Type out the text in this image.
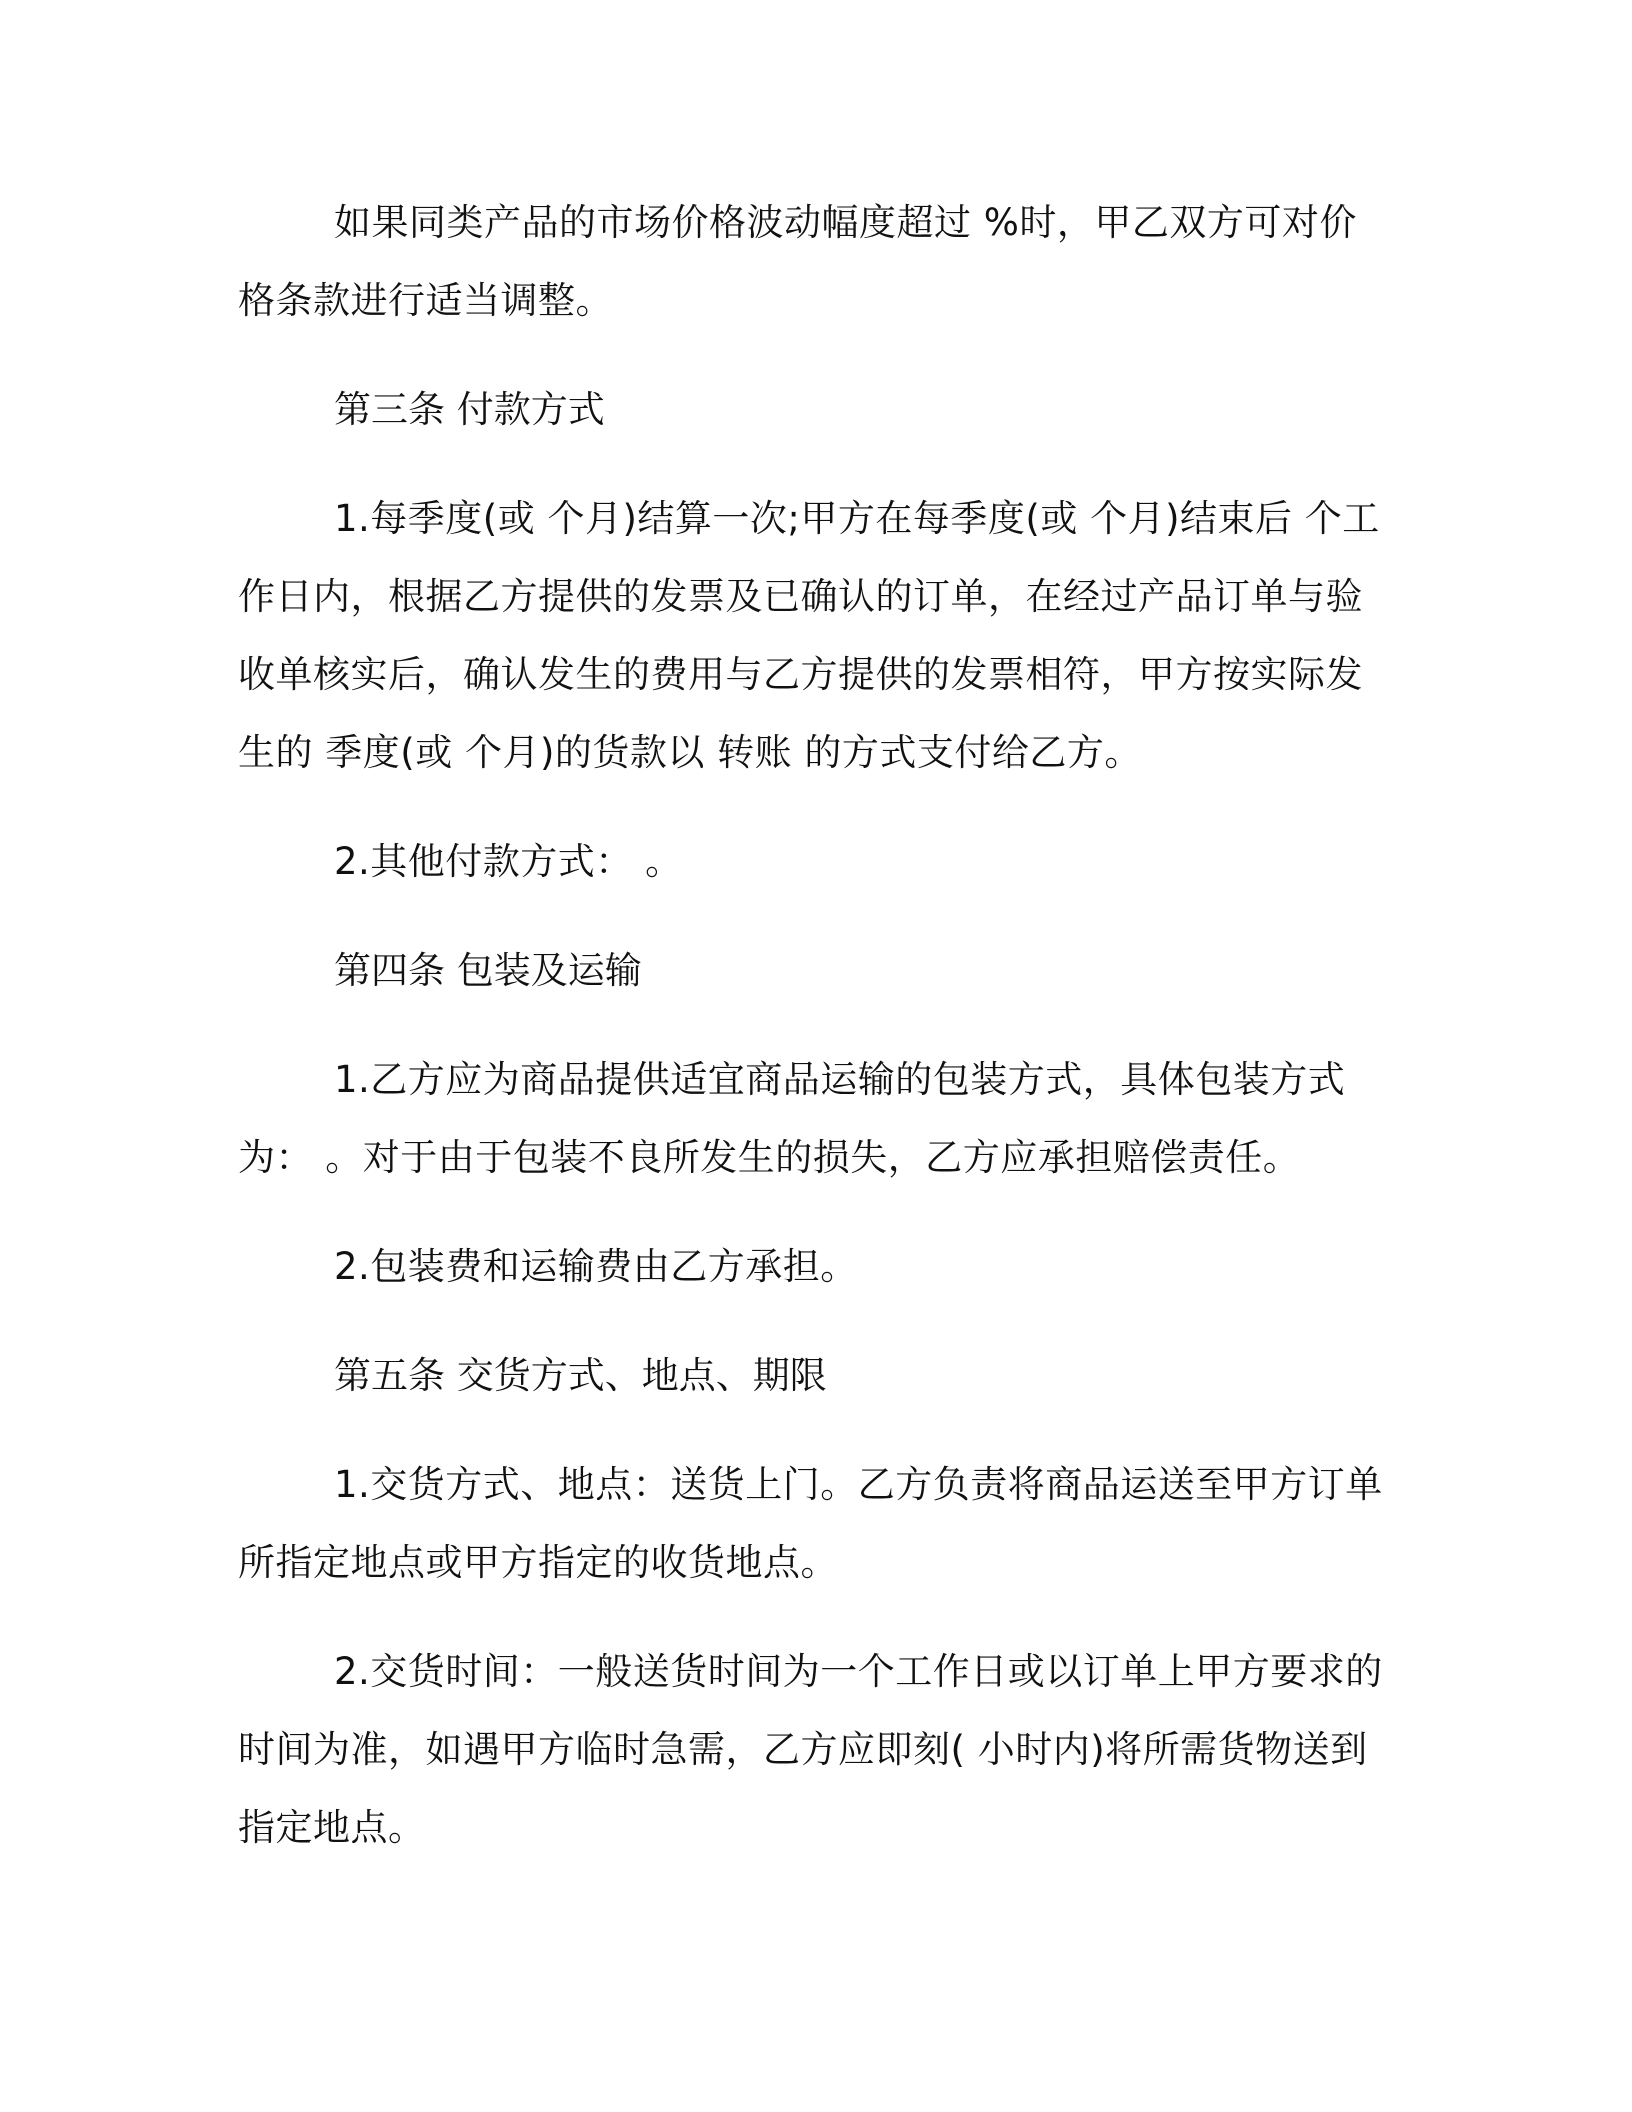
如果同类产品的市场价格波动幅度超过 %时，甲乙双方可对价格条款进行适当调整。

第三条 付款方式

1.每季度(或 个月)结算一次;甲方在每季度(或 个月)结束后 个工作日内，根据乙方提供的发票及已确认的订单，在经过产品订单与验收单核实后，确认发生的费用与乙方提供的发票相符，甲方按实际发生的 季度(或 个月)的货款以 转账 的方式支付给乙方。

2.其他付款方式： 。

第四条 包装及运输

1.乙方应为商品提供适宜商品运输的包装方式，具体包装方式为： 。对于由于包装不良所发生的损失，乙方应承担赔偿责任。

2.包装费和运输费由乙方承担。

第五条 交货方式、地点、期限

1.交货方式、地点：送货上门。乙方负责将商品运送至甲方订单所指定地点或甲方指定的收货地点。

2.交货时间：一般送货时间为一个工作日或以订单上甲方要求的时间为准，如遇甲方临时急需，乙方应即刻( 小时内)将所需货物送到指定地点。
